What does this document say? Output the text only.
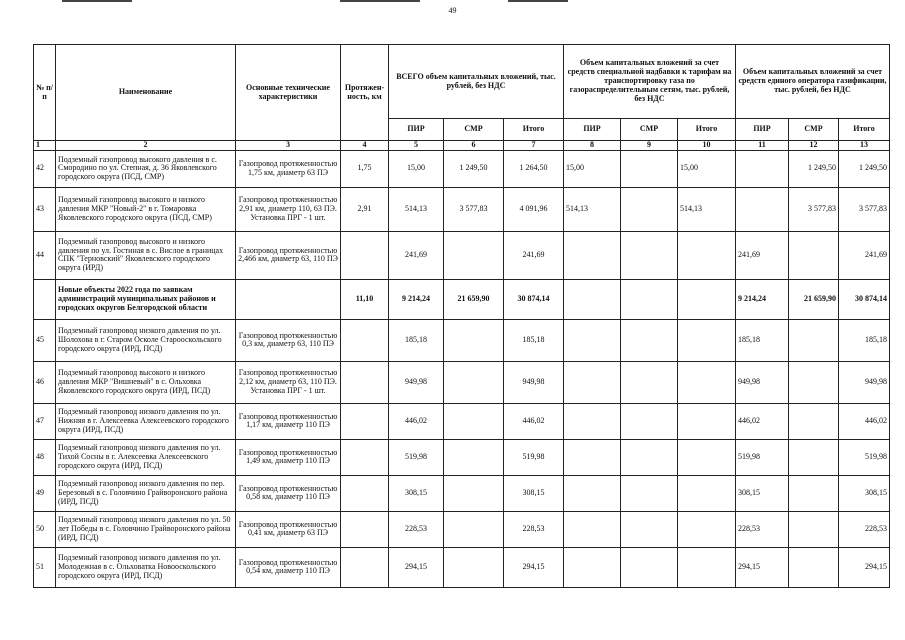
49
№ п/п	Наименование	Основные технические характеристики	Протяжен-ность, км	ВСЕГО объем капитальных вложений, тыс. рублей, без НДС			Объем капитальных вложений за счет средств специальной надбавки к тарифам на транспортировку газа по газораспределительным сетям, тыс. рублей, без НДС			Объем капитальных вложений за счет средств единого оператора газификации, тыс. рублей, без НДС		
				ПИР	СМР	Итого	ПИР	СМР	Итого	ПИР	СМР	Итого
1	2	3	4	5	6	7	8	9	10	11	12	13
42	Подземный газопровод высокого давления в с. Смородино по ул. Степная, д. 36 Яковлевского городского округа (ПСД, СМР)	Газопровод протяженностью 1,75 км, диаметр 63 ПЭ	1,75	15,00	1 249,50	1 264,50	15,00		15,00		1 249,50	1 249,50
43	Подземный газопровод высокого и низкого давления МКР "Новый-2" в г. Томаровка Яковлевского городского округа (ПСД, СМР)	Газопровод протяженностью 2,91 км, диаметр 110, 63 ПЭ. Установка ПРГ - 1 шт.	2,91	514,13	3 577,83	4 091,96	514,13		514,13		3 577,83	3 577,83
44	Подземный газопровод высокого и низкого давления по ул. Гостиная в с. Вислое в границах СПК "Терновский" Яковлевского городского округа (ИРД)	Газопровод протяженностью 2,466 км, диаметр 63, 110 ПЭ		241,69		241,69				241,69		241,69
	Новые объекты 2022 года по заявкам администраций муниципальных районов и городских округов Белгородской области		11,10	9 214,24	21 659,90	30 874,14				9 214,24	21 659,90	30 874,14
45	Подземный газопровод низкого давления по ул. Шолохова в г. Старом Осколе Старооскольского городского округа (ИРД, ПСД)	Газопровод протяженностью 0,3 км, диаметр 63, 110 ПЭ		185,18		185,18				185,18		185,18
46	Подземный газопровод высокого и низкого давления МКР "Вишневый" в с. Ольховка Яковлевского городского округа (ИРД, ПСД)	Газопровод протяженностью 2,12 км, диаметр 63, 110 ПЭ. Установка ПРГ - 1 шт.		949,98		949,98				949,98		949,98
47	Подземный газопровод низкого давления по ул. Нижняя в г. Алексеевка Алексеевского городского округа (ИРД, ПСД)	Газопровод протяженностью 1,17 км, диаметр 110 ПЭ		446,02		446,02				446,02		446,02
48	Подземный газопровод низкого давления по ул. Тихой Сосны в г. Алексеевка Алексеевского городского округа (ИРД, ПСД)	Газопровод протяженностью 1,49 км, диаметр 110 ПЭ		519,98		519,98				519,98		519,98
49	Подземный газопровод низкого давления по пер. Березовый в с. Головчино Грайворонского района (ИРД, ПСД)	Газопровод протяженностью 0,58 км, диаметр 110 ПЭ		308,15		308,15				308,15		308,15
50	Подземный газопровод низкого давления по ул. 50 лет Победы в с. Головчино Грайворонского района (ИРД, ПСД)	Газопровод протяженностью 0,41 км, диаметр 63 ПЭ		228,53		228,53				228,53		228,53
51	Подземный газопровод низкого давления по ул. Молодежная в с. Ольховатка Новооскольского городского округа (ИРД, ПСД)	Газопровод протяженностью 0,54 км, диаметр 110 ПЭ		294,15		294,15				294,15		294,15
